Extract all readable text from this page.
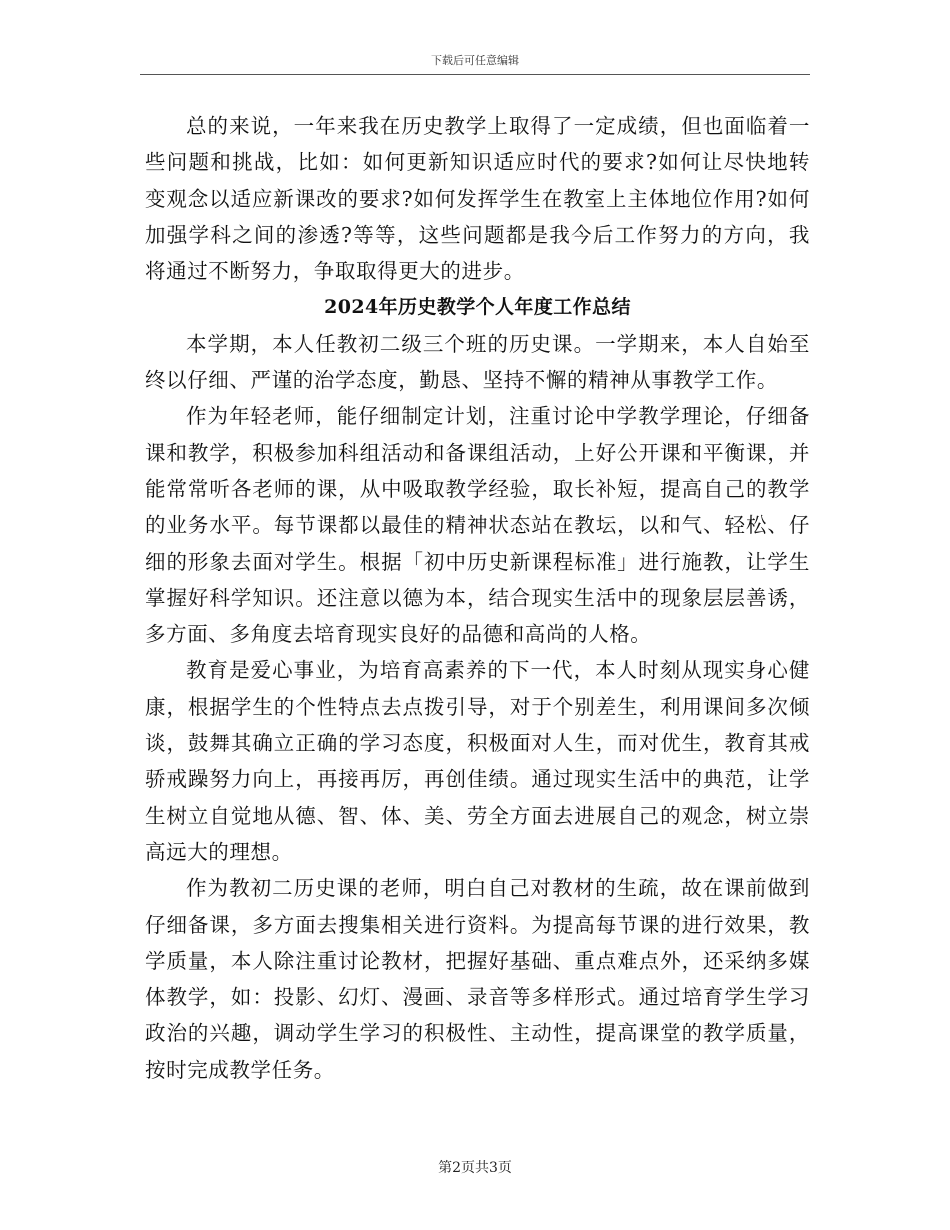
下载后可任意编辑

总的来说，一年来我在历史教学上取得了一定成绩，但也面临着一些问题和挑战，比如：如何更新知识适应时代的要求?如何让尽快地转变观念以适应新课改的要求?如何发挥学生在教室上主体地位作用?如何加强学科之间的渗透?等等，这些问题都是我今后工作努力的方向，我将通过不断努力，争取取得更大的进步。

2024年历史教学个人年度工作总结

本学期，本人任教初二级三个班的历史课。一学期来，本人自始至终以仔细、严谨的治学态度，勤恳、坚持不懈的精神从事教学工作。

作为年轻老师，能仔细制定计划，注重讨论中学教学理论，仔细备课和教学，积极参加科组活动和备课组活动，上好公开课和平衡课，并能常常听各老师的课，从中吸取教学经验，取长补短，提高自己的教学的业务水平。每节课都以最佳的精神状态站在教坛，以和气、轻松、仔细的形象去面对学生。根据「初中历史新课程标准」进行施教，让学生掌握好科学知识。还注意以德为本，结合现实生活中的现象层层善诱，多方面、多角度去培育现实良好的品德和高尚的人格。

教育是爱心事业，为培育高素养的下一代，本人时刻从现实身心健康，根据学生的个性特点去点拨引导，对于个别差生，利用课间多次倾谈，鼓舞其确立正确的学习态度，积极面对人生，而对优生，教育其戒骄戒躁努力向上，再接再厉，再创佳绩。通过现实生活中的典范，让学生树立自觉地从德、智、体、美、劳全方面去进展自己的观念，树立崇高远大的理想。

作为教初二历史课的老师，明白自己对教材的生疏，故在课前做到仔细备课，多方面去搜集相关进行资料。为提高每节课的进行效果，教学质量，本人除注重讨论教材，把握好基础、重点难点外，还采纳多媒体教学，如：投影、幻灯、漫画、录音等多样形式。通过培育学生学习政治的兴趣，调动学生学习的积极性、主动性，提高课堂的教学质量，按时完成教学任务。

第2页共3页
